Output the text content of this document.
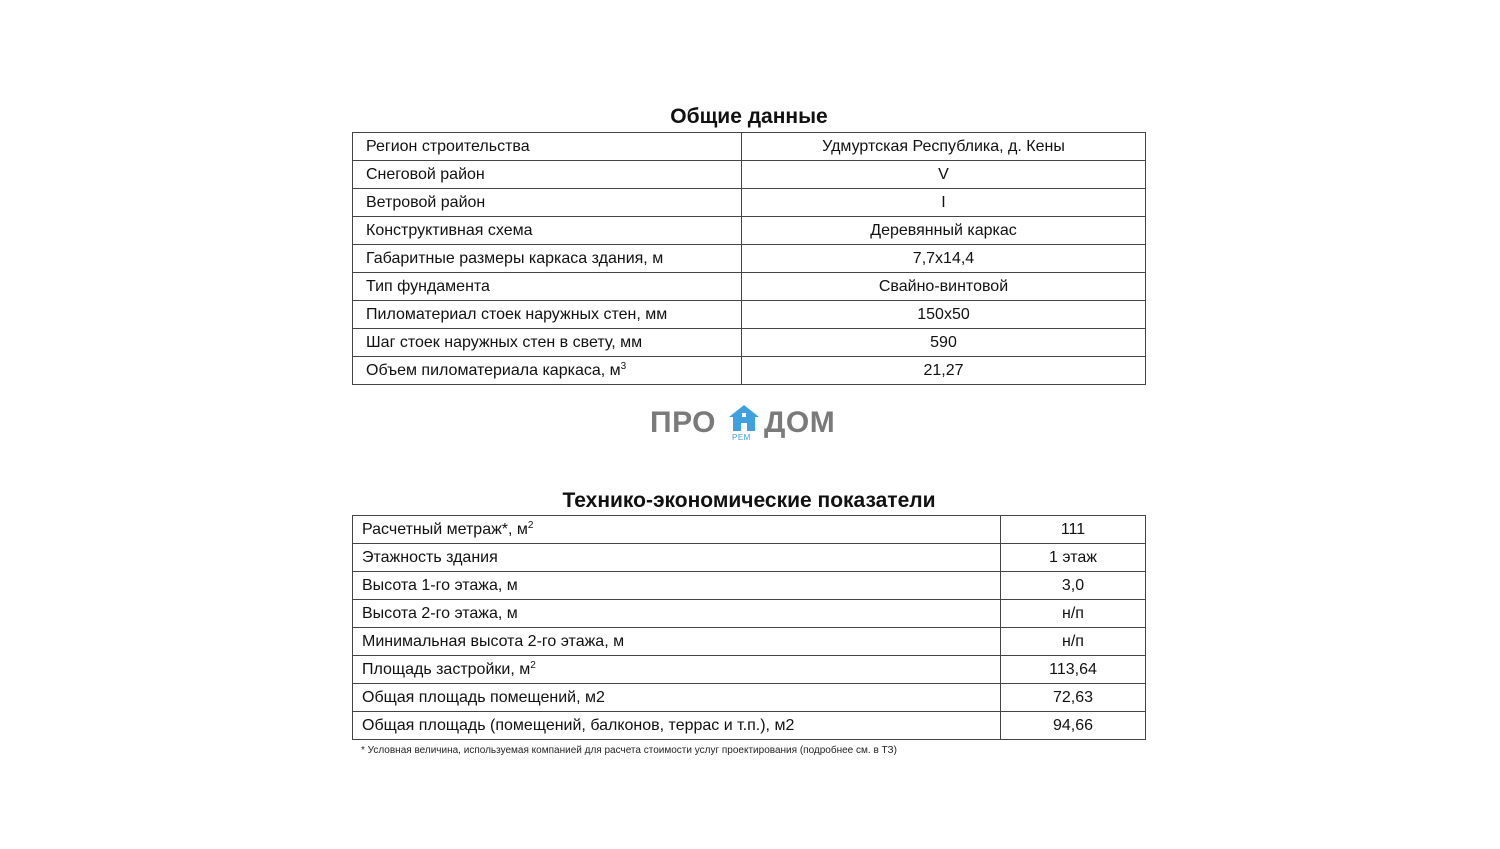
Общие данные
Регион строительства	Удмуртская Республика, д. Кены
Снеговой район	V
Ветровой район	I
Конструктивная схема	Деревянный каркас
Габаритные размеры каркаса здания, м	7,7x14,4
Тип фундамента	Свайно-винтовой
Пиломатериал стоек наружных стен, мм	150x50
Шаг стоек наружных стен в свету, мм	590
Объем пиломатериала каркаса, $м^3$	21,27
ПРО РЕМ ДОМ
Технико-экономические показатели
Расчетный метраж*, $м^2$	111
Этажность здания	1 этаж
Высота 1-го этажа, м	3,0
Высота 2-го этажа, м	н/п
Минимальная высота 2-го этажа, м	н/п
Площадь застройки, $м^2$	113,64
Общая площадь помещений, м2	72,63
Общая площадь (помещений, балконов, террас и т.п.), м2	94,66
* Условная величина, используемая компанией для расчета стоимости услуг проектирования (подробнее см. в ТЗ)
